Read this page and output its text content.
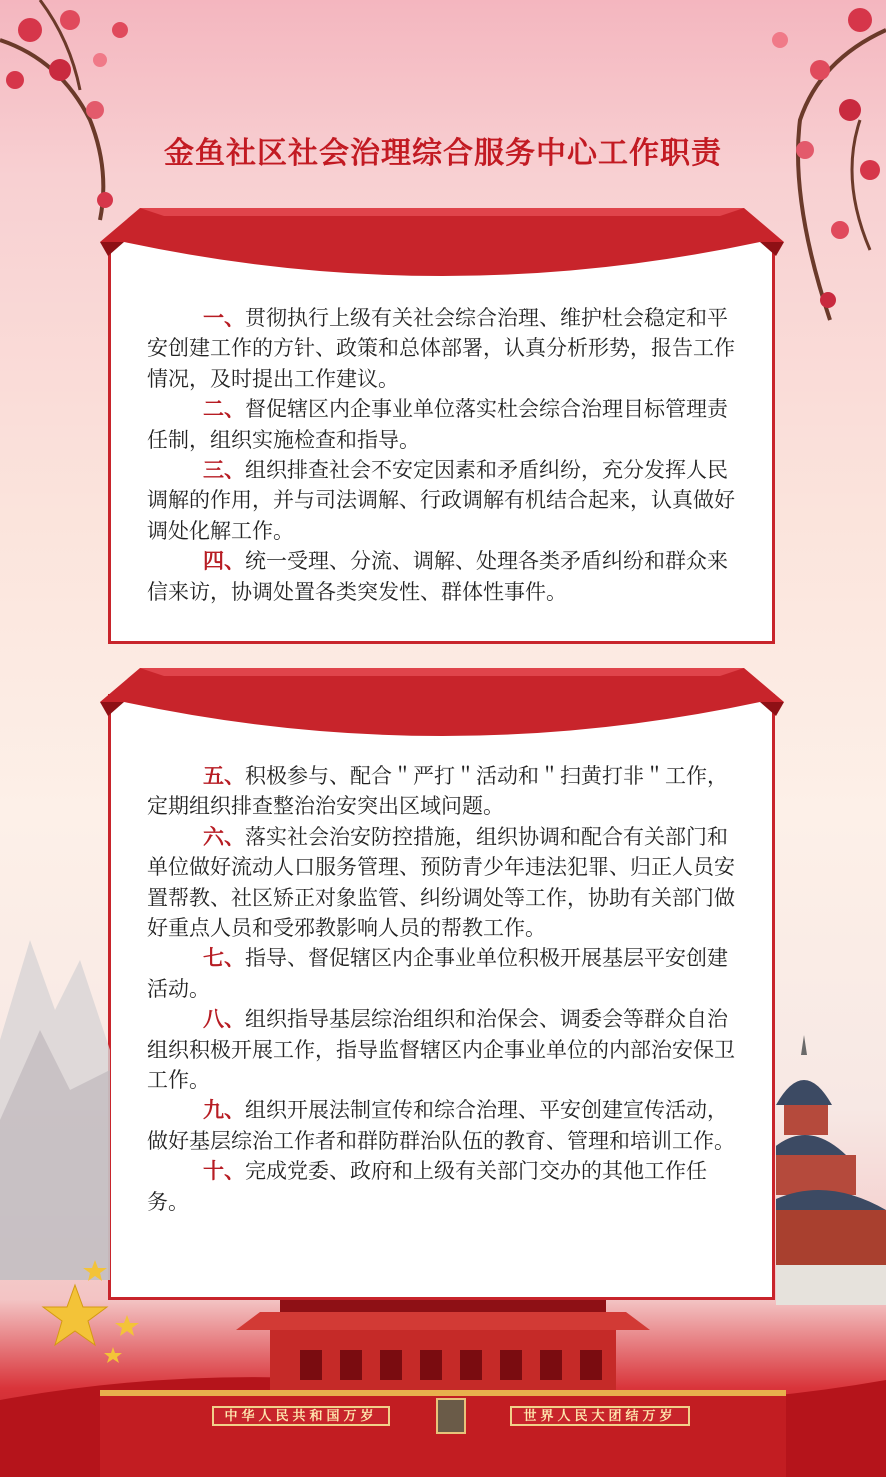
金鱼社区社会治理综合服务中心工作职责

一、贯彻执行上级有关社会综合治理、维护杜会稳定和平安创建工作的方针、政策和总体部署，认真分析形势，报告工作情况，及时提出工作建议。

二、督促辖区内企事业单位落实杜会综合治理目标管理责任制，组织实施检查和指导。

三、组织排查社会不安定因素和矛盾纠纷，充分发挥人民调解的作用，并与司法调解、行政调解有机结合起来，认真做好调处化解工作。

四、统一受理、分流、调解、处理各类矛盾纠纷和群众来信来访，协调处置各类突发性、群体性事件。

五、积极参与、配合＂严打＂活动和＂扫黄打非＂工作，定期组织排查整治治安突出区域问题。

六、落实社会治安防控措施，组织协调和配合有关部门和单位做好流动人口服务管理、预防青少年违法犯罪、归正人员安置帮教、社区矫正对象监管、纠纷调处等工作，协助有关部门做好重点人员和受邪教影响人员的帮教工作。

七、指导、督促辖区内企事业单位积极开展基层平安创建活动。

八、组织指导基层综治组织和治保会、调委会等群众自治组织积极开展工作，指导监督辖区内企事业单位的内部治安保卫工作。

九、组织开展法制宣传和综合治理、平安创建宣传活动，做好基层综治工作者和群防群治队伍的教育、管理和培训工作。

十、完成党委、政府和上级有关部门交办的其他工作任务。

中华人民共和国万岁	世界人民大团结万岁
